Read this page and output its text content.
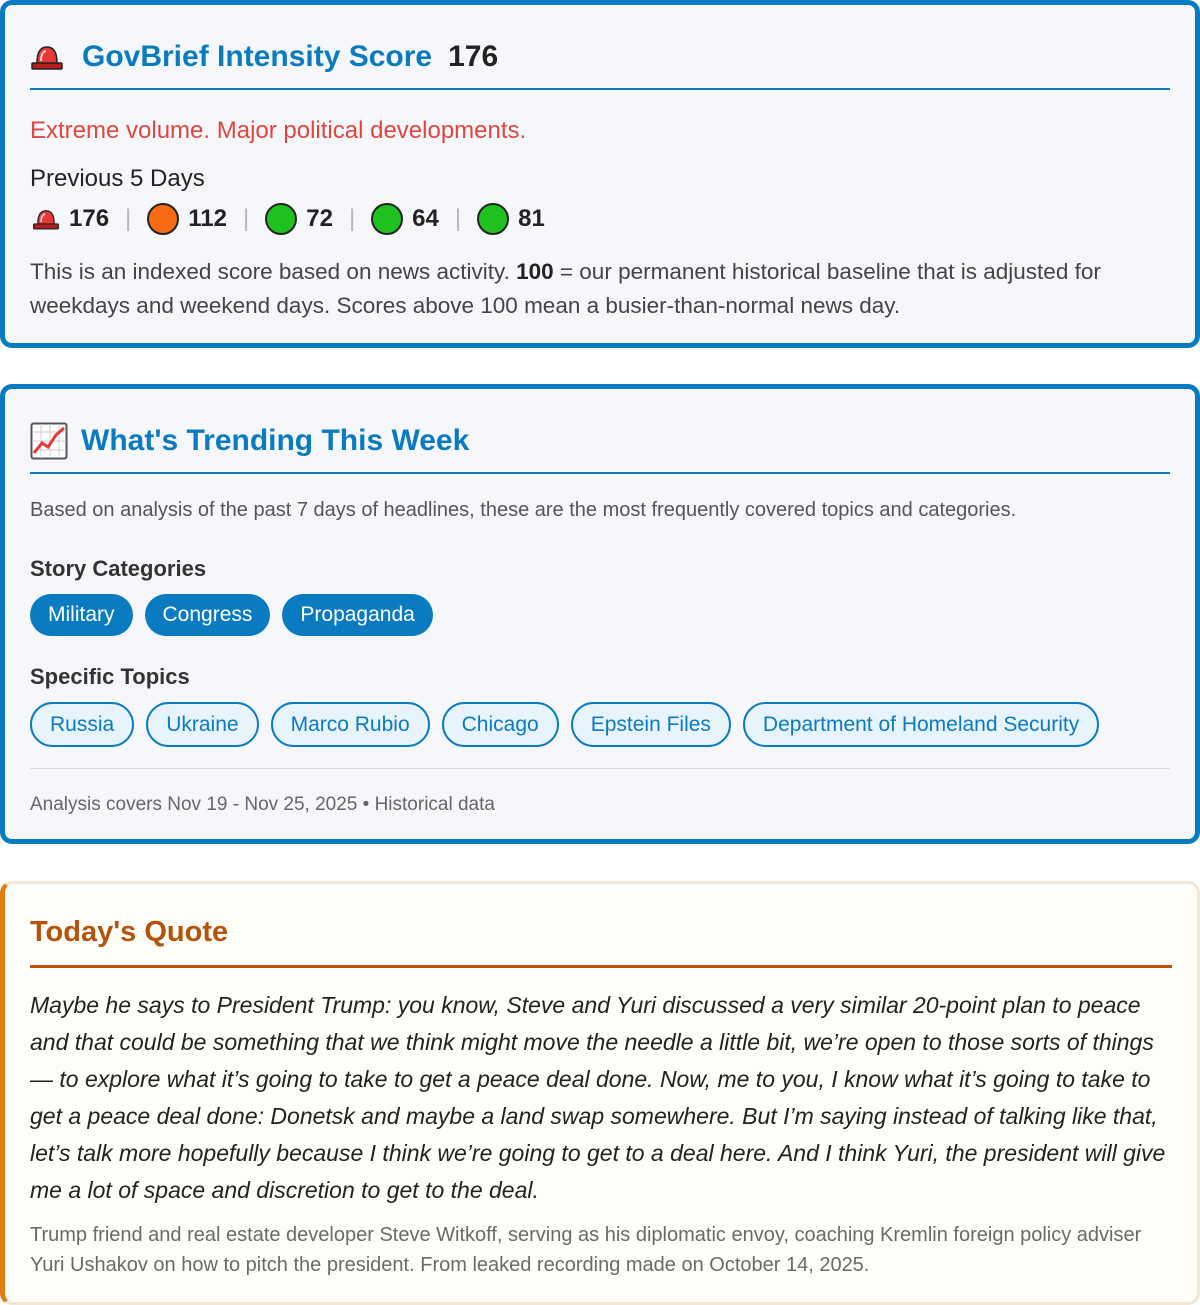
GovBrief Intensity Score 176
Extreme volume. Major political developments.
Previous 5 Days
176 | 112 | 72 | 64 | 81
This is an indexed score based on news activity. 100 = our permanent historical baseline that is adjusted for weekdays and weekend days. Scores above 100 mean a busier-than-normal news day.
What's Trending This Week
Based on analysis of the past 7 days of headlines, these are the most frequently covered topics and categories.
Story Categories
Military	Congress	Propaganda
Specific Topics
Russia	Ukraine	Marco Rubio	Chicago	Epstein Files	Department of Homeland Security
Analysis covers Nov 19 - Nov 25, 2025 • Historical data
Today's Quote
Maybe he says to President Trump: you know, Steve and Yuri discussed a very similar 20-point plan to peace and that could be something that we think might move the needle a little bit, we’re open to those sorts of things — to explore what it’s going to take to get a peace deal done. Now, me to you, I know what it’s going to take to get a peace deal done: Donetsk and maybe a land swap somewhere. But I’m saying instead of talking like that, let’s talk more hopefully because I think we’re going to get to a deal here. And I think Yuri, the president will give me a lot of space and discretion to get to the deal.
Trump friend and real estate developer Steve Witkoff, serving as his diplomatic envoy, coaching Kremlin foreign policy adviser Yuri Ushakov on how to pitch the president. From leaked recording made on October 14, 2025.
